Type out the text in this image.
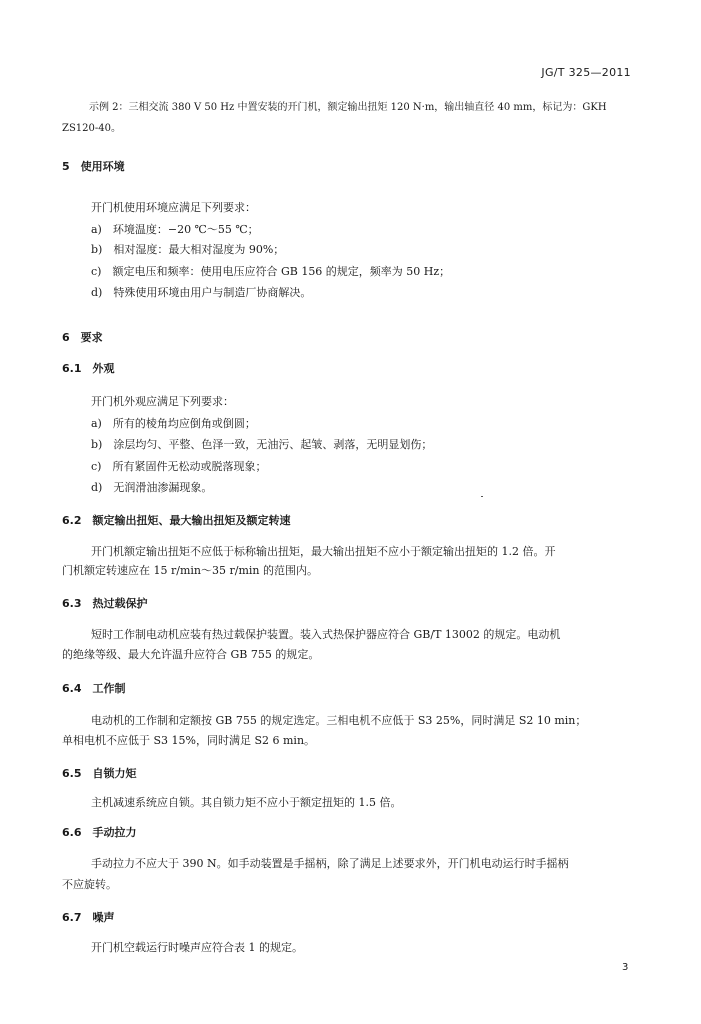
JG/T 325—2011
示例 2：三相交流 380 V 50 Hz 中置安装的开门机，额定输出扭矩 120 N·m，输出轴直径 40 mm，标记为：GKH
ZS120-40。
5　使用环境
开门机使用环境应满足下列要求：
a)　环境温度：−20 ℃～55 ℃；
b)　相对湿度：最大相对湿度为 90%；
c)　额定电压和频率：使用电压应符合 GB 156 的规定，频率为 50 Hz；
d)　特殊使用环境由用户与制造厂协商解决。
6　要求
6.1　外观
开门机外观应满足下列要求：
a)　所有的棱角均应倒角或倒圆；
b)　涂层均匀、平整、色泽一致，无油污、起皱、剥落，无明显划伤；
c)　所有紧固件无松动或脱落现象；
d)　无润滑油渗漏现象。
6.2　额定输出扭矩、最大输出扭矩及额定转速
开门机额定输出扭矩不应低于标称输出扭矩，最大输出扭矩不应小于额定输出扭矩的 1.2 倍。开
门机额定转速应在 15 r/min～35 r/min 的范围内。
6.3　热过载保护
短时工作制电动机应装有热过载保护装置。装入式热保护器应符合 GB/T 13002 的规定。电动机
的绝缘等级、最大允许温升应符合 GB 755 的规定。
6.4　工作制
电动机的工作制和定额按 GB 755 的规定选定。三相电机不应低于 S3 25%，同时满足 S2 10 min；
单相电机不应低于 S3 15%，同时满足 S2 6 min。
6.5　自锁力矩
主机减速系统应自锁。其自锁力矩不应小于额定扭矩的 1.5 倍。
6.6　手动拉力
手动拉力不应大于 390 N。如手动装置是手摇柄，除了满足上述要求外，开门机电动运行时手摇柄
不应旋转。
6.7　噪声
开门机空载运行时噪声应符合表 1 的规定。
3
